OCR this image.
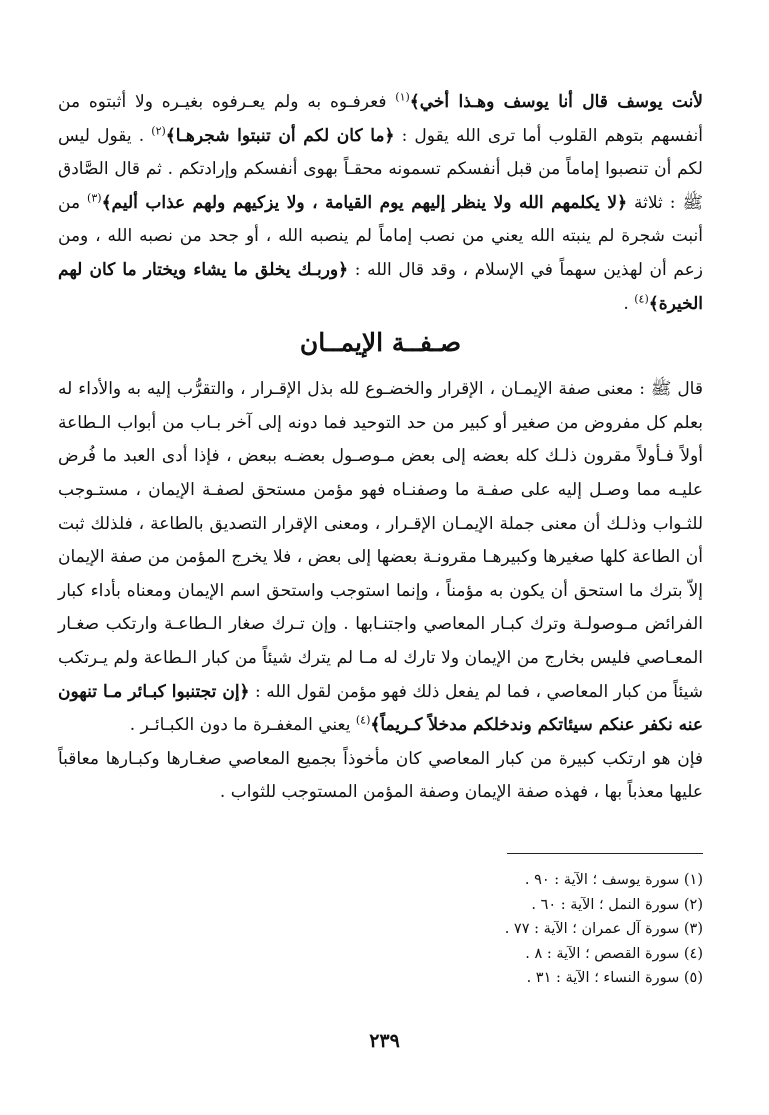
لأنت يوسف قال أنا يوسف وهـذا أخي﴾$^{(١)}$ فعرفـوه به ولم يعـرفوه بغيـره ولا أثبتوه من أنفسهم بتوهم القلوب أما ترى الله يقول : ﴿ما كان لكم أن تنبتوا شجرهـا﴾$^{(٢)}$ . يقول ليس لكم أن تنصبوا إماماً من قبل أنفسكم تسمونه محقـاً بهوى أنفسكم وإرادتكم . ثم قال الصَّادق ﷺ : ثلاثة ﴿لا يكلمهم الله ولا ينظر إليهم يوم القيامة ، ولا يزكيهم ولهم عذاب أليم﴾$^{(٣)}$ من أنبت شجرة لم ينبته الله يعني من نصب إماماً لم ينصبه الله ، أو جحد من نصبه الله ، ومن زعم أن لهذين سهماً في الإسلام ، وقد قال الله : ﴿وربـك يخلق ما يشاء ويختار ما كان لهم الخيرة﴾$^{(٤)}$ .

صـفــة الإيمــان

قال ﷺ : معنى صفة الإيمـان ، الإقرار والخضـوع لله بذل الإقـرار ، والتقرُّب إليه به والأداء له بعلم كل مفروض من صغير أو كبير من حد التوحيد فما دونه إلى آخر بـاب من أبواب الـطاعة أولاً فـأولاً مقرون ذلـك كله بعضه إلى بعض مـوصـول بعضـه ببعض ، فإذا أدى العبد ما فُرض عليـه مما وصـل إليه على صفـة ما وصفنـاه فهو مؤمن مستحق لصفـة الإيمان ، مستـوجب للثـواب وذلـك أن معنى جملة الإيمـان الإقـرار ، ومعنى الإقرار التصديق بالطاعة ، فلذلك ثبت أن الطاعة كلها صغيرها وكبيرهـا مقرونـة بعضها إلى بعض ، فلا يخرج المؤمن من صفة الإيمان إلاّ بترك ما استحق أن يكون به مؤمناً ، وإنما استوجب واستحق اسم الإيمان ومعناه بأداء كبار الفرائض مـوصولـة وترك كبـار المعاصي واجتنـابها . وإن تـرك صغار الـطاعـة وارتكب صغـار المعـاصي فليس بخارج من الإيمان ولا تارك له مـا لم يترك شيئاً من كبار الـطاعة ولم يـرتكب شيئاً من كبار المعاصي ، فما لم يفعل ذلك فهو مؤمن لقول الله : ﴿إن تجتنبوا كبـائر مـا تنهون عنه نكفر عنكم سيئاتكم وندخلكم مدخلاً كـريماً﴾$^{(٤)}$ يعني المغفـرة ما دون الكبـائـر .

فإن هو ارتكب كبيرة من كبار المعاصي كان مأخوذاً بجميع المعاصي صغـارها وكبـارها معاقباً عليها معذباً بها ، فهذه صفة الإيمان وصفة المؤمن المستوجب للثواب .

(١) سورة يوسف ؛ الآية : ٩٠ .
(٢) سورة النمل ؛ الآية : ٦٠ .
(٣) سورة آل عمران ؛ الآية : ٧٧ .
(٤) سورة القصص ؛ الآية : ٨ .
(٥) سورة النساء ؛ الآية : ٣١ .
٢٣٩
